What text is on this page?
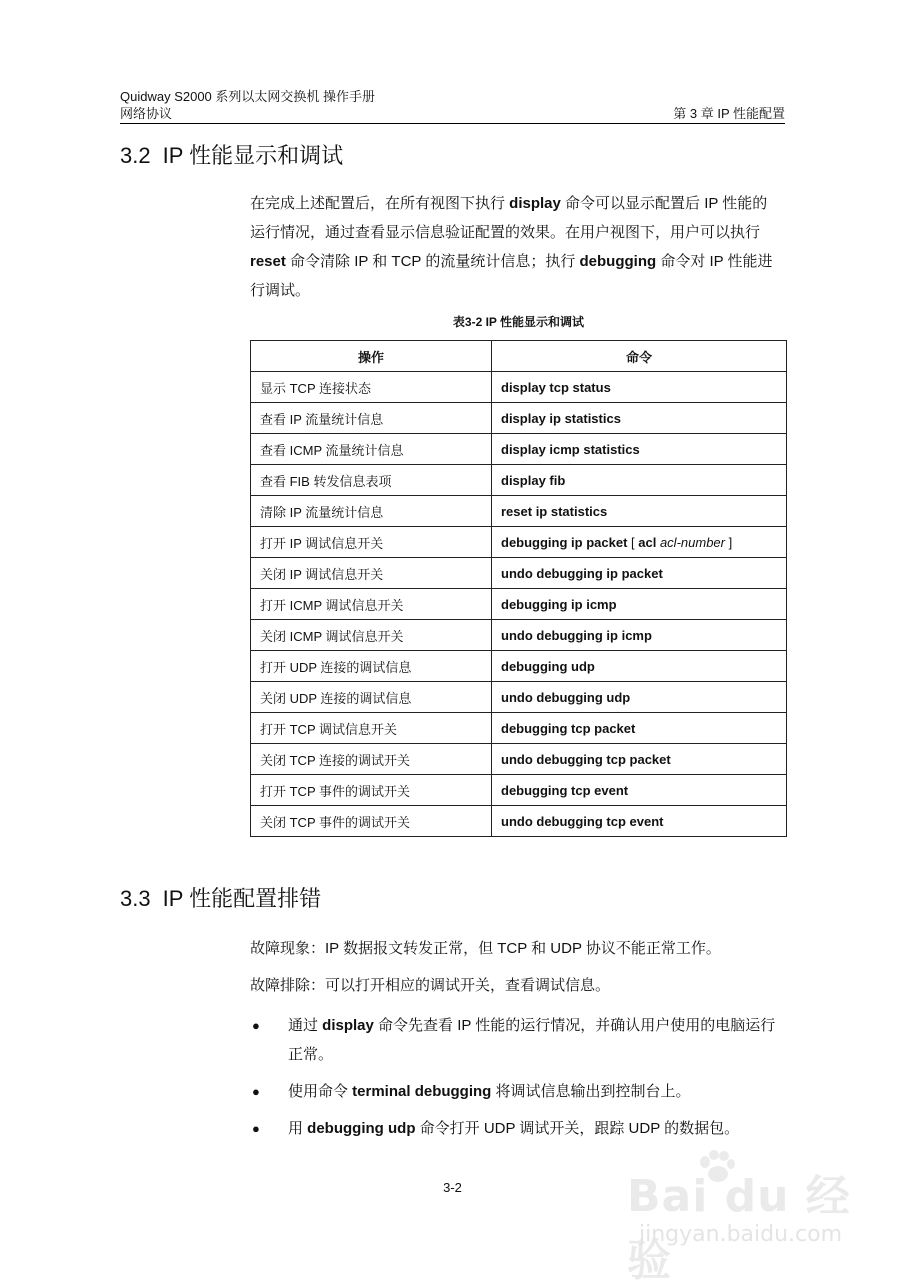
Quidway S2000 系列以太网交换机 操作手册
网络协议	第 3 章 IP 性能配置
3.2 IP 性能显示和调试

在完成上述配置后，在所有视图下执行 display 命令可以显示配置后 IP 性能的运行情况，通过查看显示信息验证配置的效果。在用户视图下，用户可以执行 reset 命令清除 IP 和 TCP 的流量统计信息；执行 debugging 命令对 IP 性能进行调试。

表3-2 IP 性能显示和调试
操作	命令
显示 TCP 连接状态	display tcp status
查看 IP 流量统计信息	display ip statistics
查看 ICMP 流量统计信息	display icmp statistics
查看 FIB 转发信息表项	display fib
清除 IP 流量统计信息	reset ip statistics
打开 IP 调试信息开关	debugging ip packet [ acl acl-number ]
关闭 IP 调试信息开关	undo debugging ip packet
打开 ICMP 调试信息开关	debugging ip icmp
关闭 ICMP 调试信息开关	undo debugging ip icmp
打开 UDP 连接的调试信息	debugging udp
关闭 UDP 连接的调试信息	undo debugging udp
打开 TCP 调试信息开关	debugging tcp packet
关闭 TCP 连接的调试开关	undo debugging tcp packet
打开 TCP 事件的调试开关	debugging tcp event
关闭 TCP 事件的调试开关	undo debugging tcp event
3.3 IP 性能配置排错

故障现象：IP 数据报文转发正常，但 TCP 和 UDP 协议不能正常工作。

故障排除：可以打开相应的调试开关，查看调试信息。

● 通过 display 命令先查看 IP 性能的运行情况，并确认用户使用的电脑运行正常。
● 使用命令 terminal debugging 将调试信息输出到控制台上。
● 用 debugging udp 命令打开 UDP 调试开关，跟踪 UDP 的数据包。
3-2	Bai du 经验
jingyan.baidu.com
